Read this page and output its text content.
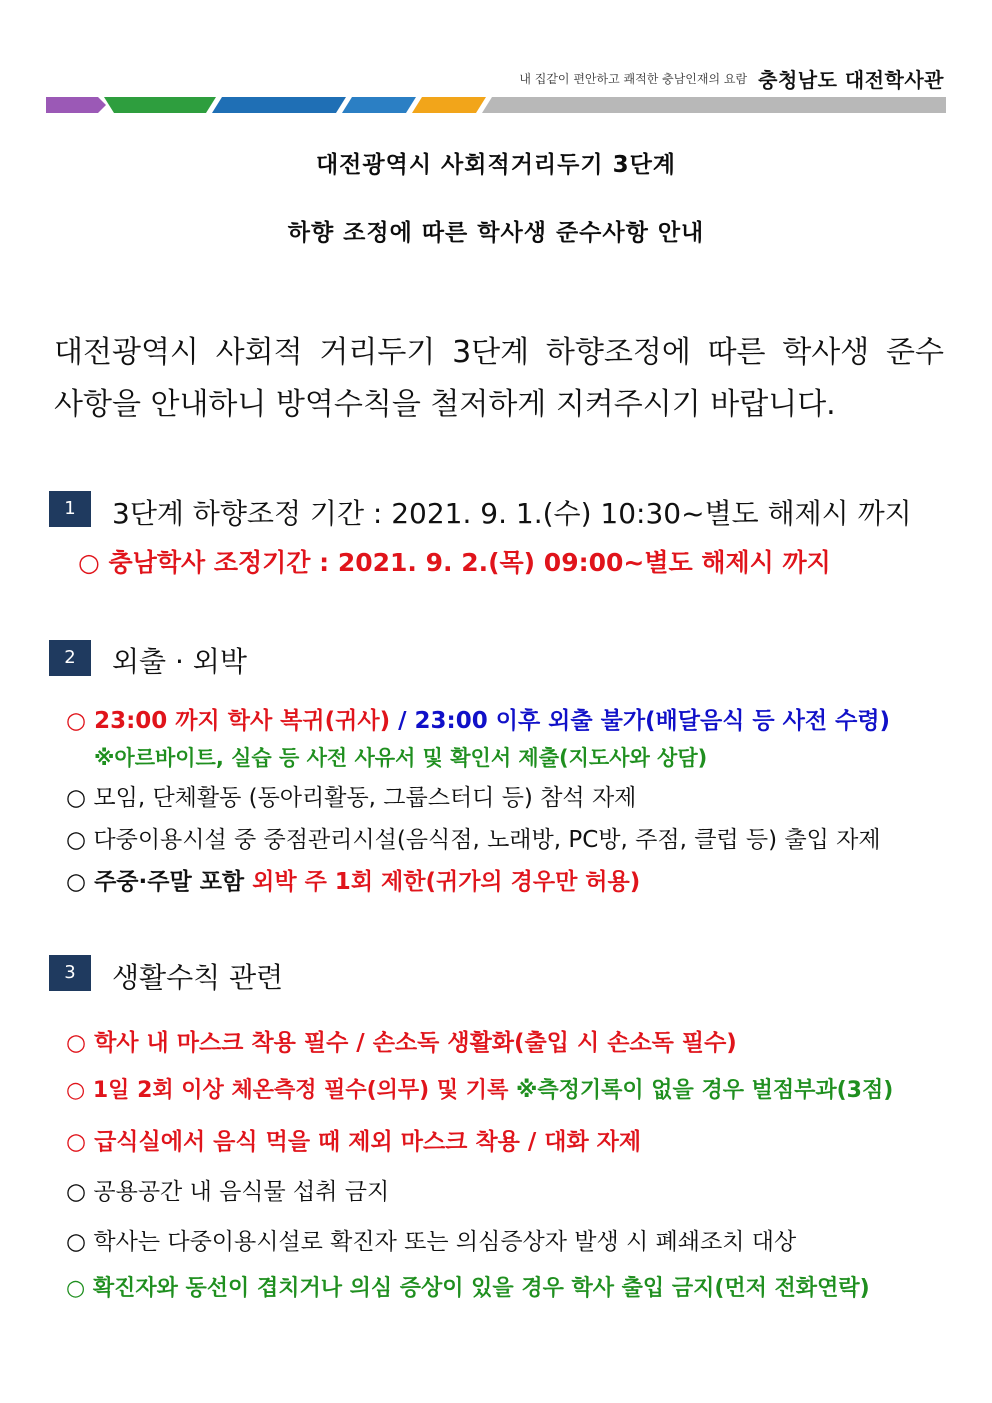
내 집같이 편안하고 쾌적한 충남인재의 요람 충청남도 대전학사관
대전광역시 사회적거리두기 3단계
하향 조정에 따른 학사생 준수사항 안내
대전광역시 사회적 거리두기 3단계 하향조정에 따른 학사생 준수
사항을 안내하니 방역수칙을 철저하게 지켜주시기 바랍니다.
1	3단계 하향조정 기간 : 2021. 9. 1.(수) 10:30~별도 해제시 까지
○ 충남학사 조정기간 : 2021. 9. 2.(목) 09:00~별도 해제시 까지
2	외출 · 외박
○ 23:00 까지 학사 복귀(귀사) / 23:00 이후 외출 불가(배달음식 등 사전 수령)
※아르바이트, 실습 등 사전 사유서 및 확인서 제출(지도사와 상담)
○ 모임, 단체활동 (동아리활동, 그룹스터디 등) 참석 자제
○ 다중이용시설 중 중점관리시설(음식점, 노래방, PC방, 주점, 클럽 등) 출입 자제
○ 주중·주말 포함 외박 주 1회 제한(귀가의 경우만 허용)
3	생활수칙 관련
○ 학사 내 마스크 착용 필수 / 손소독 생활화(출입 시 손소독 필수)
○ 1일 2회 이상 체온측정 필수(의무) 및 기록 ※측정기록이 없을 경우 벌점부과(3점)
○ 급식실에서 음식 먹을 때 제외 마스크 착용 / 대화 자제
○ 공용공간 내 음식물 섭취 금지
○ 학사는 다중이용시설로 확진자 또는 의심증상자 발생 시 폐쇄조치 대상
○ 확진자와 동선이 겹치거나 의심 증상이 있을 경우 학사 출입 금지(먼저 전화연락)
